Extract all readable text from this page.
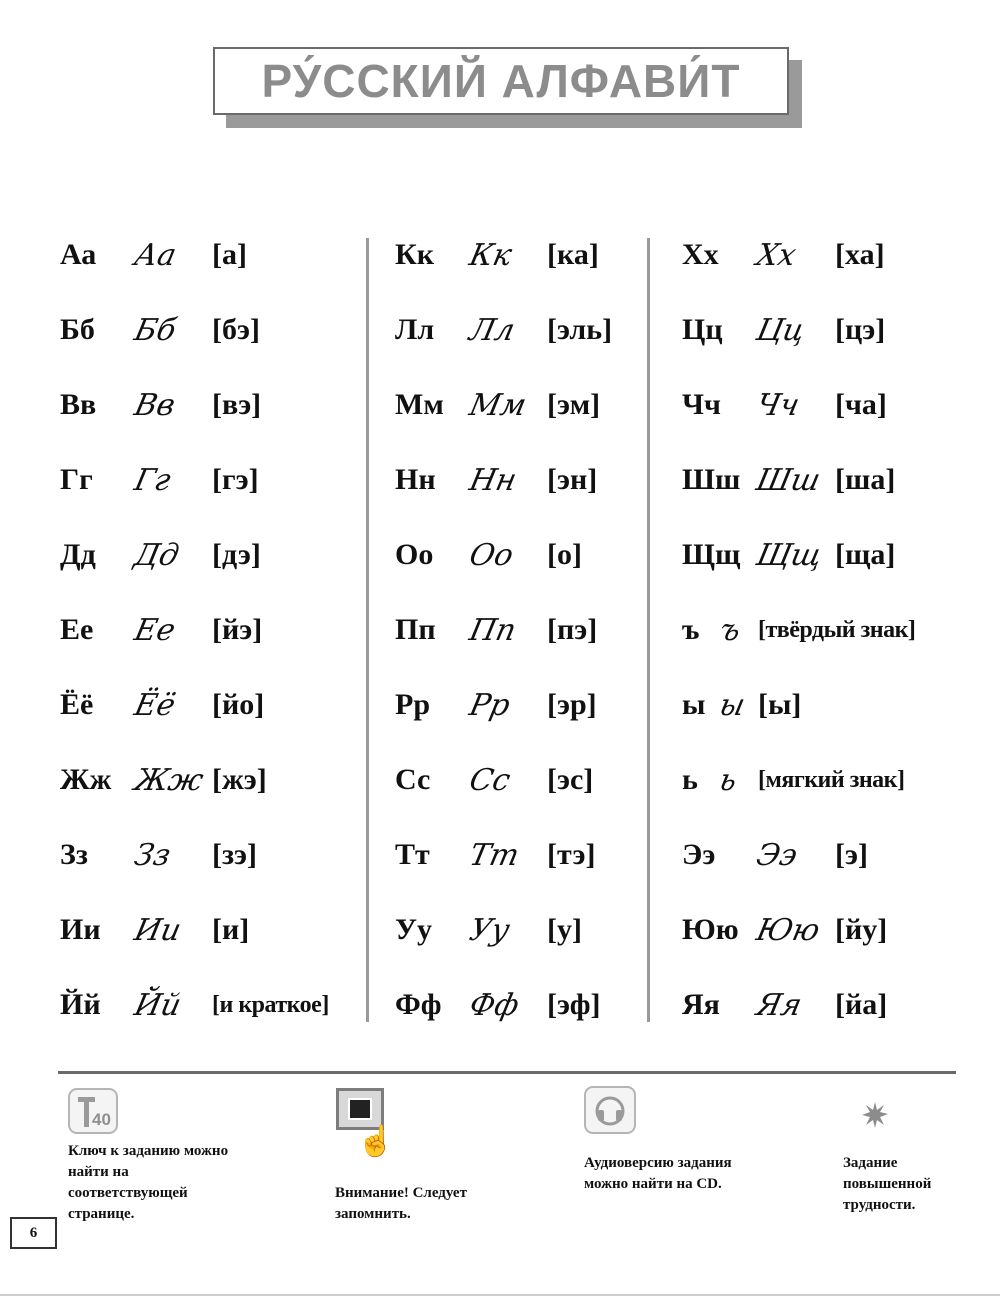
РУ́ССКИЙ АЛФАВИ́Т
Аа	Аа	[а]
Бб	Бб	[бэ]
Вв	Вв	[вэ]
Гг	Гг	[гэ]
Дд	Дд [дэ]
Ее	Ее	[йэ]
Ёё	Ёё	[йо]
Жж Жж [жэ]
Зз	Зз	[зэ]
Ии	Ии [и]
Йй	Йй	[и краткое]
Кк	Кк	[ка]
Лл	Лл [эль]
Мм Мм [эм]
Нн	Нн [эн]
Оо	Оо	[о]
Пп	Пп [пэ]
Рр	Рр	[эр]
Сс	Сс	[эс]
Тт	Тт [тэ]
Уу	Уу	[у]
Фф Фф [эф]
Хх	Хх	[ха]
Цц	Цц [цэ]
Чч	Чч	[ча]
Шш Шш [ша]
Щщ Щщ [ща]
ъ ъ [твёрдый знак]
ы ы [ы]
ь ь [мягкий знак]
Ээ	Ээ	[э]
Юю Юю [йу]
Яя	Яя	[йа]
40
Ключ к заданию можно найти на соответствующей странице.
☝
Внимание! Следует запомнить.
Аудиоверсию задания можно найти на CD.
Задание повышенной трудности.
6
